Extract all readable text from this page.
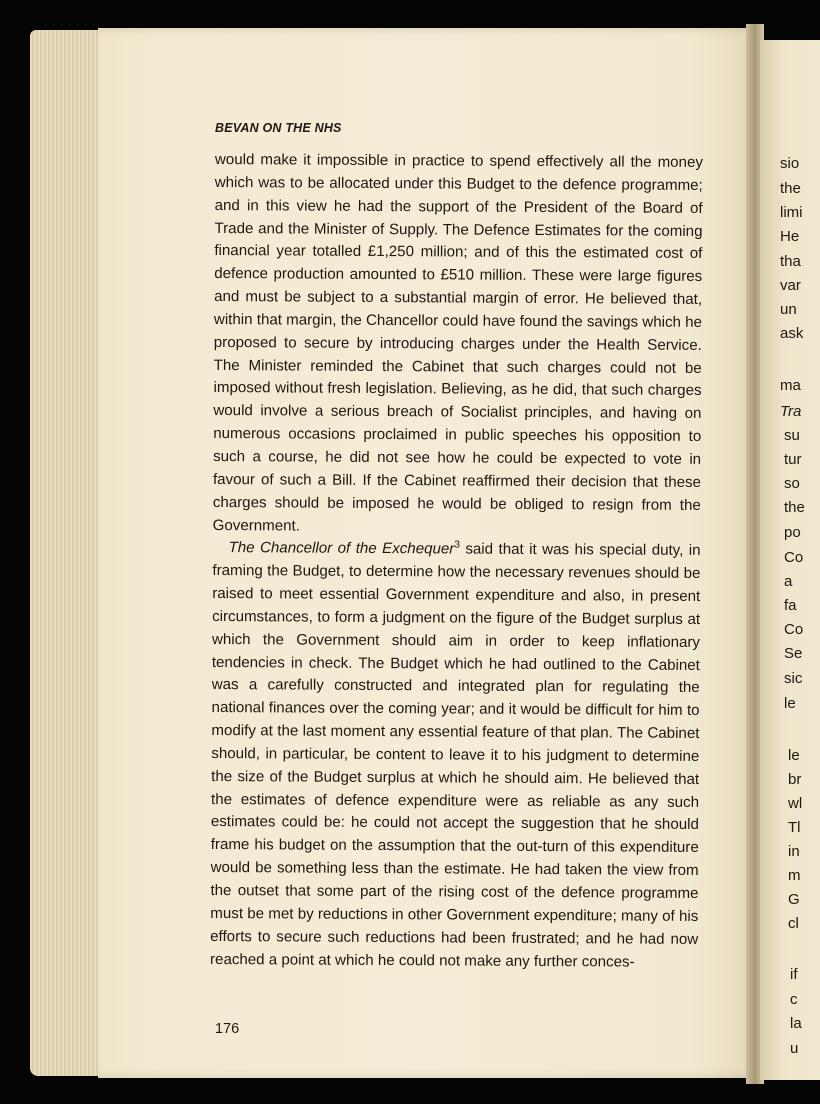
BEVAN ON THE NHS

would make it impossible in practice to spend effectively all the money which was to be allocated under this Budget to the defence programme; and in this view he had the support of the President of the Board of Trade and the Minister of Supply. The Defence Estimates for the coming financial year totalled £1,250 million; and of this the estimated cost of defence production amounted to £510 million. These were large figures and must be subject to a substantial margin of error. He believed that, within that margin, the Chancellor could have found the savings which he proposed to secure by introducing charges under the Health Service. The Minister reminded the Cabinet that such charges could not be imposed without fresh legislation. Believing, as he did, that such charges would involve a serious breach of Socialist principles, and having on numerous occasions proclaimed in public speeches his opposition to such a course, he did not see how he could be expected to vote in favour of such a Bill. If the Cabinet reaffirmed their decision that these charges should be imposed he would be obliged to resign from the Government.

The Chancellor of the Exchequer$^3$ said that it was his special duty, in framing the Budget, to determine how the necessary revenues should be raised to meet essential Government expenditure and also, in present circumstances, to form a judgment on the figure of the Budget surplus at which the Government should aim in order to keep inflationary tendencies in check. The Budget which he had outlined to the Cabinet was a carefully constructed and integrated plan for regulating the national finances over the coming year; and it would be difficult for him to modify at the last moment any essential feature of that plan. The Cabinet should, in particular, be content to leave it to his judgment to determine the size of the Budget surplus at which he should aim. He believed that the estimates of defence expenditure were as reliable as any such estimates could be: he could not accept the suggestion that he should frame his budget on the assumption that the out-turn of this expenditure would be something less than the estimate. He had taken the view from the outset that some part of the rising cost of the defence programme must be met by reductions in other Government expenditure; many of his efforts to secure such reductions had been frustrated; and he had now reached a point at which he could not make any further conces-

176
sio
the
limi
He
tha
var
un
ask
ma
Tra
su
tur
so
the
po
Co
a
fa
Co
Se
sic
le
le
br
wl
Tl
in
m
G
cl
if
c
la
u
